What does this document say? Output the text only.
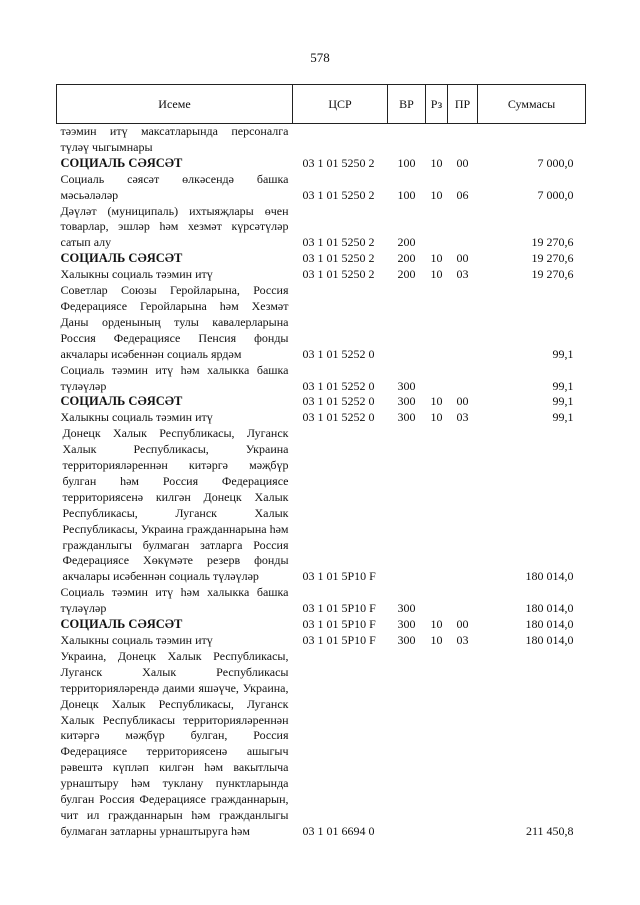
578
Исеме	ЦСР	ВР	Рз	ПР	Суммасы
тәэмин итү максатларында персоналга түләү чыгымнары					
СОЦИАЛЬ СӘЯСӘТ	03 1 01 5250 2	100	10	00	7 000,0
Социаль сәясәт өлкәсендә башка мәсьәләләр	03 1 01 5250 2	100	10	06	7 000,0
Дәүләт (муниципаль) ихтыяҗлары өчен товарлар, эшләр һәм хезмәт күрсәтүләр сатып алу	03 1 01 5250 2	200			19 270,6
СОЦИАЛЬ СӘЯСӘТ	03 1 01 5250 2	200	10	00	19 270,6
Халыкны социаль тәэмин итү	03 1 01 5250 2	200	10	03	19 270,6
Советлар Союзы Геройларына, Россия Федерациясе Геройларына һәм Хезмәт Даны орденының тулы кавалерларына Россия Федерациясе Пенсия фонды акчалары исәбеннән социаль ярдәм	03 1 01 5252 0				99,1
Социаль тәэмин итү һәм халыкка башка түләүләр	03 1 01 5252 0	300			99,1
СОЦИАЛЬ СӘЯСӘТ	03 1 01 5252 0	300	10	00	99,1
Халыкны социаль тәэмин итү	03 1 01 5252 0	300	10	03	99,1
Донецк Халык Республикасы, Луганск Халык Республикасы, Украина территорияләреннән китәргә мәҗбүр булган һәм Россия Федерациясе территориясенә килгән Донецк Халык Республикасы, Луганск Халык Республикасы, Украина гражданнарына һәм гражданлыгы булмаган затларга Россия Федерациясе Хөкүмәте резерв фонды акчалары исәбеннән социаль түләүләр	03 1 01 5Р10 F				180 014,0
Социаль тәэмин итү һәм халыкка башка түләүләр	03 1 01 5Р10 F	300			180 014,0
СОЦИАЛЬ СӘЯСӘТ	03 1 01 5Р10 F	300	10	00	180 014,0
Халыкны социаль тәэмин итү	03 1 01 5Р10 F	300	10	03	180 014,0
Украина, Донецк Халык Республикасы, Луганск Халык Республикасы территорияләрендә даими яшәүче, Украина, Донецк Халык Республикасы, Луганск Халык Республикасы территорияләреннән китәргә мәҗбүр булган, Россия Федерациясе территориясенә ашыгыч рәвештә күпләп килгән һәм вакытлыча урнаштыру һәм туклану пунктларында булган Россия Федерациясе гражданнарын, чит ил гражданнарын һәм гражданлыгы булмаган затларны урнаштыруга һәм	03 1 01 6694 0				211 450,8
